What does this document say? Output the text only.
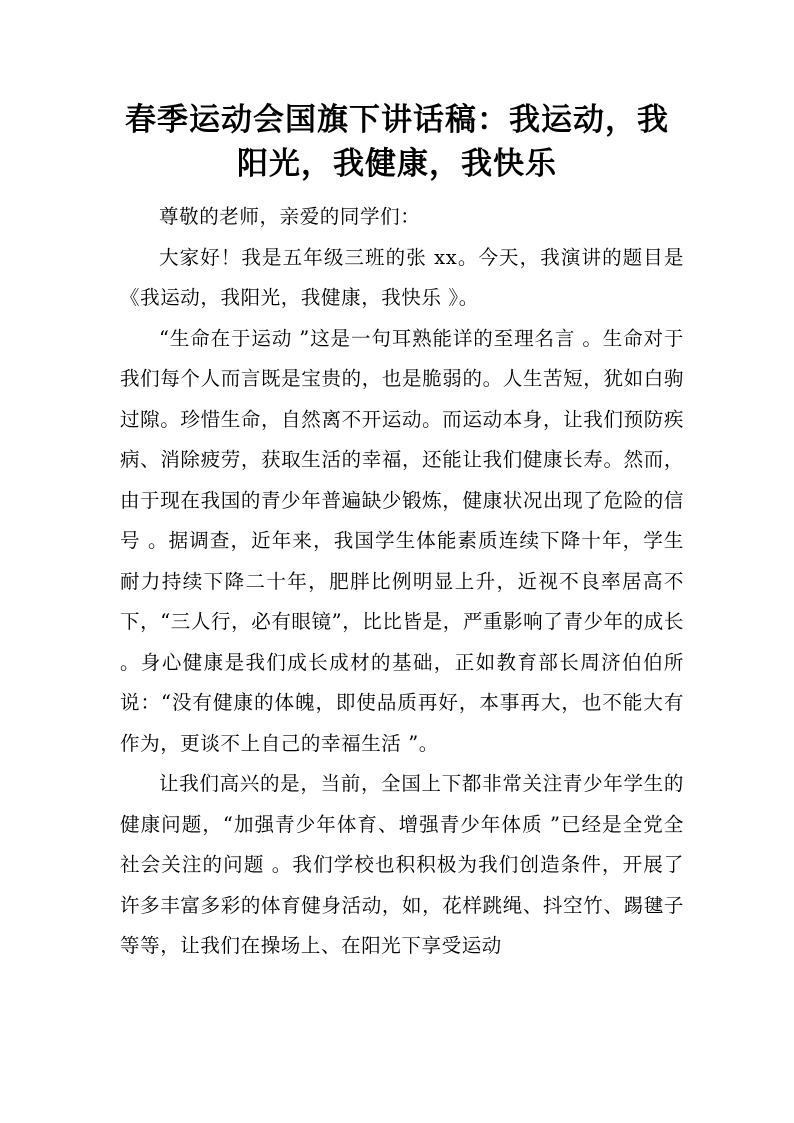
春季运动会国旗下讲话稿：我运动，我阳光，我健康，我快乐

尊敬的老师，亲爱的同学们：

大家好！我是五年级三班的张 xx。今天，我演讲的题目是《我运动，我阳光，我健康，我快乐 》。

“生命在于运动 ”这是一句耳熟能详的至理名言 。生命对于我们每个人而言既是宝贵的，也是脆弱的。人生苦短，犹如白驹过隙。珍惜生命，自然离不开运动。而运动本身，让我们预防疾病、消除疲劳，获取生活的幸福，还能让我们健康长寿。然而，由于现在我国的青少年普遍缺少锻炼，健康状况出现了危险的信号 。据调查，近年来，我国学生体能素质连续下降十年，学生耐力持续下降二十年，肥胖比例明显上升，近视不良率居高不下，“三人行，必有眼镜”，比比皆是，严重影响了青少年的成长 。身心健康是我们成长成材的基础，正如教育部长周济伯伯所说：“没有健康的体魄，即使品质再好，本事再大，也不能大有作为，更谈不上自己的幸福生活 ”。

让我们高兴的是，当前，全国上下都非常关注青少年学生的健康问题，“加强青少年体育、增强青少年体质 ”已经是全党全社会关注的问题 。我们学校也积积极为我们创造条件，开展了许多丰富多彩的体育健身活动，如，花样跳绳、抖空竹、踢毽子等等，让我们在操场上、在阳光下享受运动
